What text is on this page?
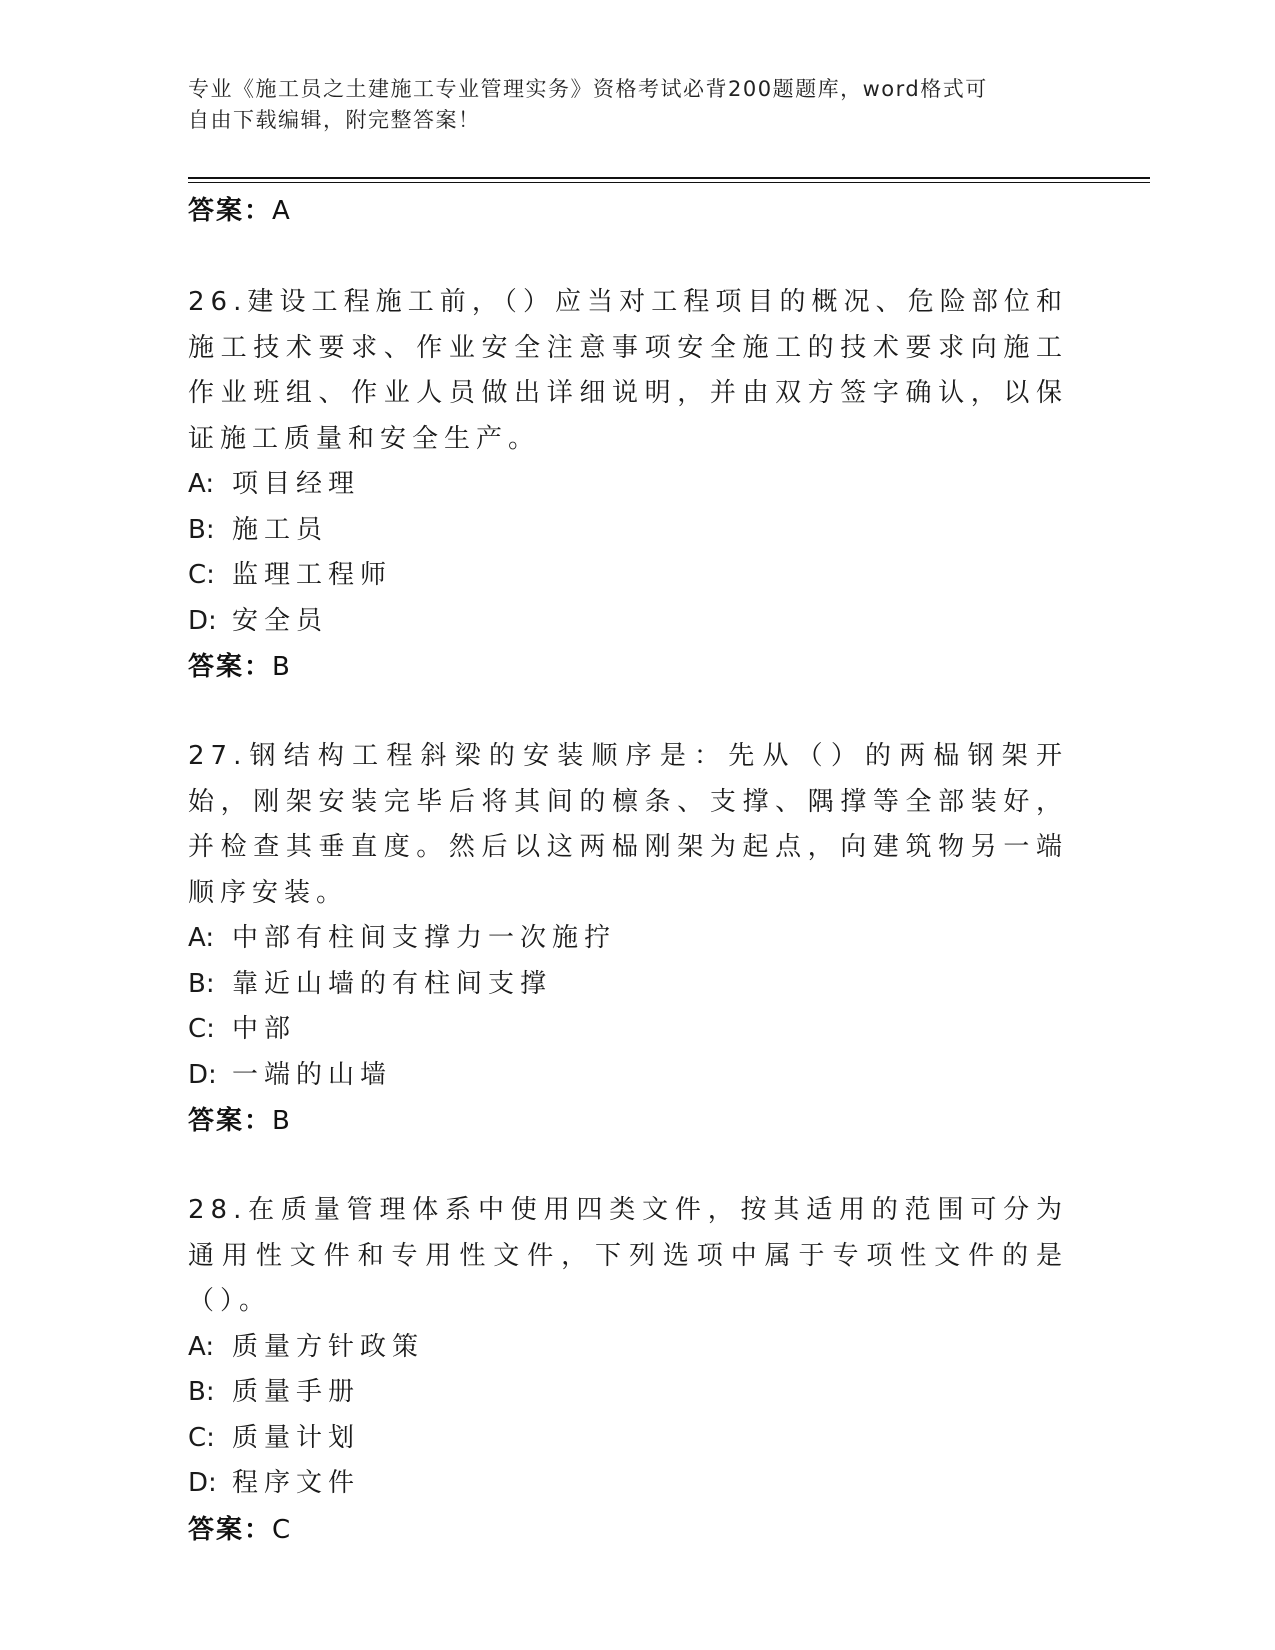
专业《施工员之土建施工专业管理实务》资格考试必背200题题库，word格式可
自由下载编辑，附完整答案！
答案：A
26.建设工程施工前，（）应当对工程项目的概况、危险部位和施工技术要求、作业安全注意事项安全施工的技术要求向施工作业班组、作业人员做出详细说明，并由双方签字确认，以保证施工质量和安全生产。
A: 项目经理
B: 施工员
C: 监理工程师
D: 安全员
答案：B
27.钢结构工程斜梁的安装顺序是：先从（）的两榀钢架开始，刚架安装完毕后将其间的檩条、支撑、隅撑等全部装好，并检查其垂直度。然后以这两榀刚架为起点，向建筑物另一端顺序安装。
A: 中部有柱间支撑力一次施拧
B: 靠近山墙的有柱间支撑
C: 中部
D: 一端的山墙
答案：B
28.在质量管理体系中使用四类文件，按其适用的范围可分为通用性文件和专用性文件，下列选项中属于专项性文件的是（）。
A: 质量方针政策
B: 质量手册
C: 质量计划
D: 程序文件
答案：C
